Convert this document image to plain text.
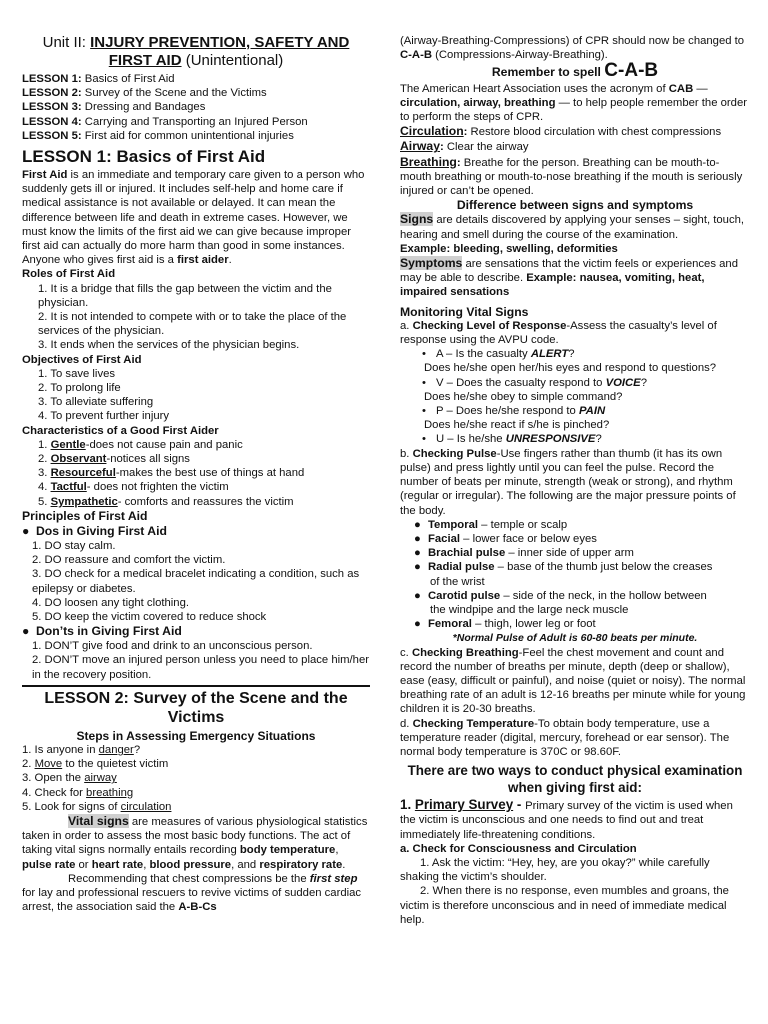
Unit II: INJURY PREVENTION, SAFETY AND FIRST AID (Unintentional)
LESSON 1: Basics of First Aid
LESSON 2: Survey of the Scene and the Victims
LESSON 3: Dressing and Bandages
LESSON 4: Carrying and Transporting an Injured Person
LESSON 5: First aid for common unintentional injuries
LESSON 1: Basics of First Aid

First Aid is an immediate and temporary care given to a person who suddenly gets ill or injured. It includes self-help and home care if medical assistance is not available or delayed. It can mean the difference between life and death in extreme cases. However, we must know the limits of the first aid we can give because improper first aid can actually do more harm than good in some instances. Anyone who gives first aid is a first aider.

Roles of First Aid
1. It is a bridge that fills the gap between the victim and the physician.
2. It is not intended to compete with or to take the place of the services of the physician.
3. It ends when the services of the physician begins.
Objectives of First Aid
1. To save lives
2. To prolong life
3. To alleviate suffering
4. To prevent further injury
Characteristics of a Good First Aider
1. Gentle-does not cause pain and panic
2. Observant-notices all signs
3. Resourceful-makes the best use of things at hand
4. Tactful- does not frighten the victim
5. Sympathetic- comforts and reassures the victim
Principles of First Aid
● Dos in Giving First Aid
1. DO stay calm.
2. DO reassure and comfort the victim.
3. DO check for a medical bracelet indicating a condition, such as epilepsy or diabetes.
4. DO loosen any tight clothing.
5. DO keep the victim covered to reduce shock
● Don’ts in Giving First Aid
1. DON’T give food and drink to an unconscious person.
2. DON’T move an injured person unless you need to place him/her in the recovery position.
LESSON 2: Survey of the Scene and the Victims
Steps in Assessing Emergency Situations
1. Is anyone in danger?
2. Move to the quietest victim
3. Open the airway
4. Check for breathing
5. Look for signs of circulation

Vital signs are measures of various physiological statistics taken in order to assess the most basic body functions. The act of taking vital signs normally entails recording body temperature, pulse rate or heart rate, blood pressure, and respiratory rate.

Recommending that chest compressions be the first step for lay and professional rescuers to revive victims of sudden cardiac arrest, the association said the A-B-Cs

(Airway-Breathing-Compressions) of CPR should now be changed to C-A-B (Compressions-Airway-Breathing).

Remember to spell C-A-B

The American Heart Association uses the acronym of CAB — circulation, airway, breathing — to help people remember the order to perform the steps of CPR.

Circulation: Restore blood circulation with chest compressions

Airway: Clear the airway

Breathing: Breathe for the person. Breathing can be mouth-to-mouth breathing or mouth-to-nose breathing if the mouth is seriously injured or can’t be opened.

Difference between signs and symptoms

Signs are details discovered by applying your senses – sight, touch, hearing and smell during the course of the examination.

Example: bleeding, swelling, deformities

Symptoms are sensations that the victim feels or experiences and may be able to describe. Example: nausea, vomiting, heat, impaired sensations

Monitoring Vital Signs

a. Checking Level of Response-Assess the casualty’s level of response using the AVPU code.

• A – Is the casualty ALERT?
Does he/she open her/his eyes and respond to questions?
• V – Does the casualty respond to VOICE?
Does he/she obey to simple command?
• P – Does he/she respond to PAIN
Does he/she react if s/he is pinched?
• U – Is he/she UNRESPONSIVE?

b. Checking Pulse-Use fingers rather than thumb (it has its own pulse) and press lightly until you can feel the pulse. Record the number of beats per minute, strength (weak or strong), and rhythm (regular or irregular). The following are the major pressure points of the body.

● Temporal – temple or scalp
● Facial – lower face or below eyes
● Brachial pulse – inner side of upper arm
● Radial pulse – base of the thumb just below the creases
of the wrist
● Carotid pulse – side of the neck, in the hollow between
the windpipe and the large neck muscle
● Femoral – thigh, lower leg or foot
*Normal Pulse of Adult is 60-80 beats per minute.

c. Checking Breathing-Feel the chest movement and count and record the number of breaths per minute, depth (deep or shallow), ease (easy, difficult or painful), and noise (quiet or noisy). The normal breathing rate of an adult is 12-16 breaths per minute while for young children it is 20-30 breaths.

d. Checking Temperature-To obtain body temperature, use a temperature reader (digital, mercury, forehead or ear sensor). The normal body temperature is 370C or 98.60F.

There are two ways to conduct physical examination when giving first aid:

1. Primary Survey - Primary survey of the victim is used when the victim is unconscious and one needs to find out and treat immediately life-threatening conditions.

a. Check for Consciousness and Circulation

1. Ask the victim: “Hey, hey, are you okay?” while carefully shaking the victim’s shoulder.

2. When there is no response, even mumbles and groans, the victim is therefore unconscious and in need of immediate medical help.
